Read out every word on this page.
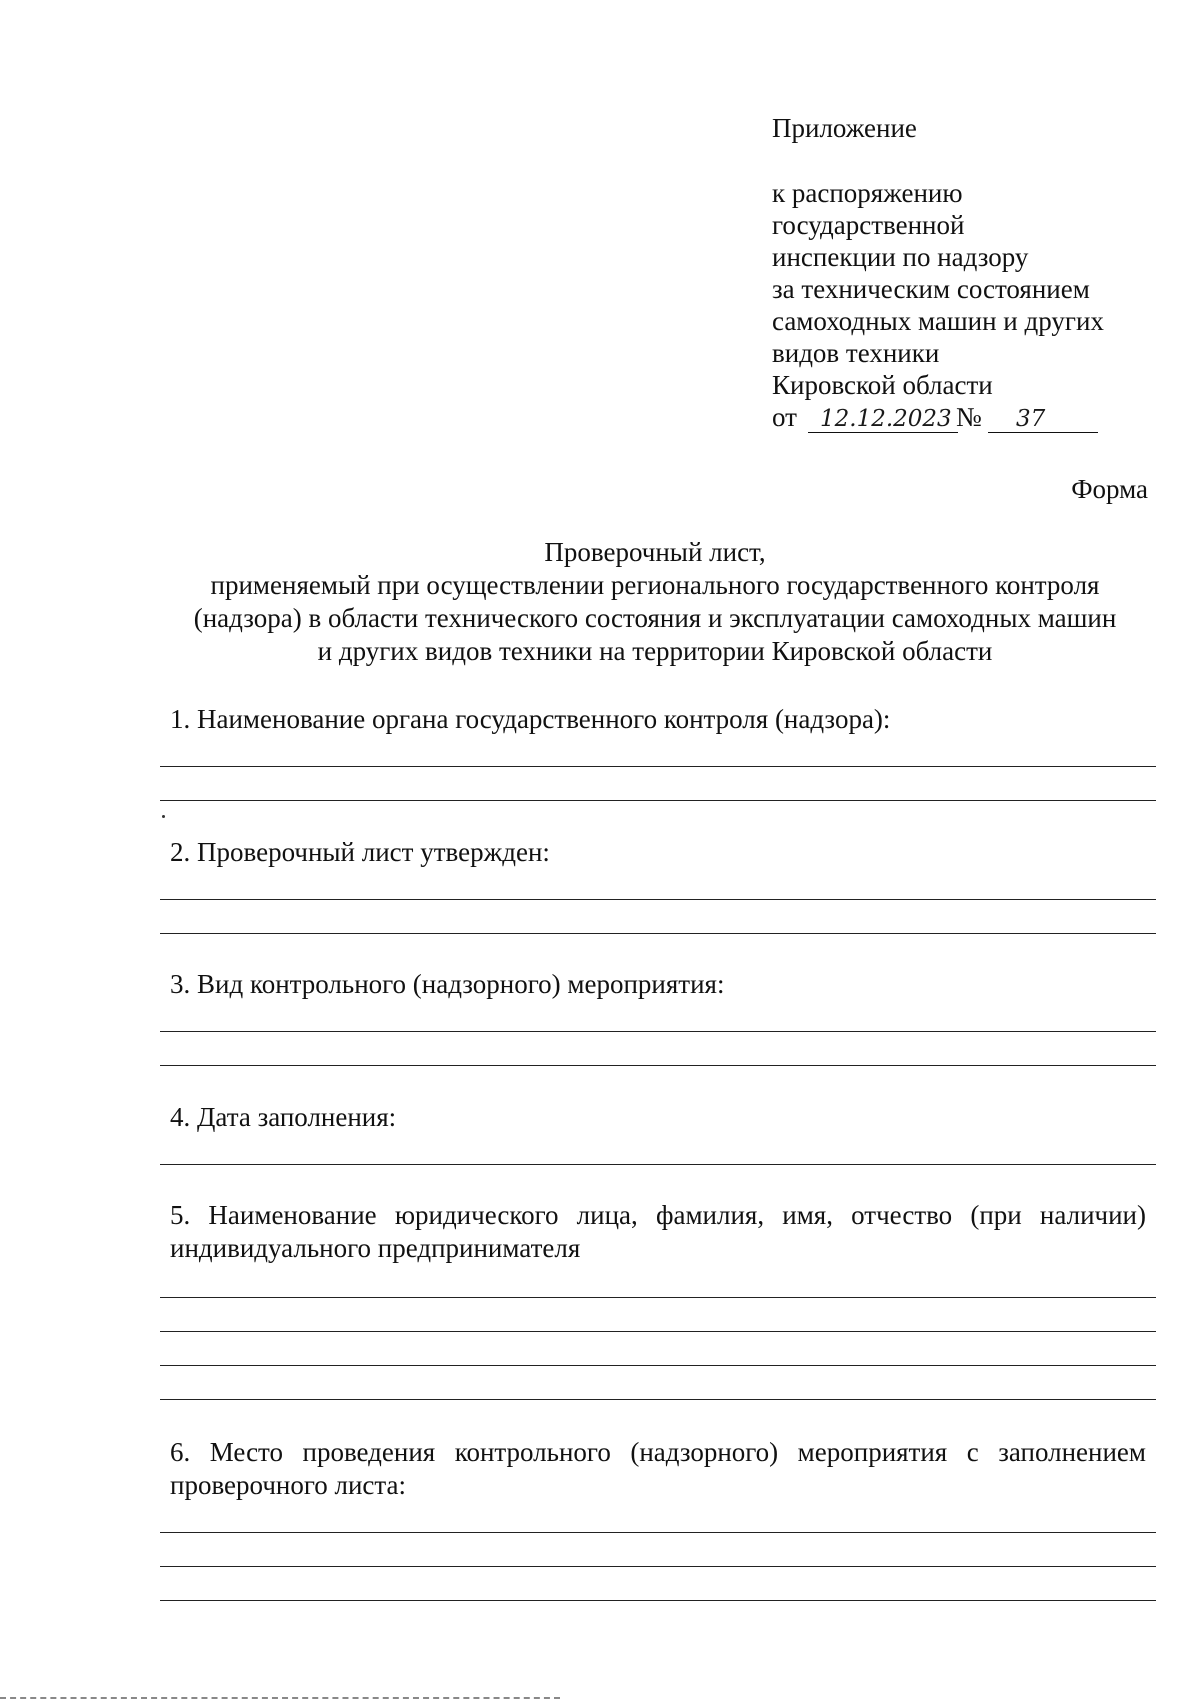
Приложение
к распоряжению
государственной
инспекции по надзору
за техническим состоянием
самоходных машин и других
видов техники
Кировской области
от 12.12.2023 № 37
Форма
Проверочный лист,
применяемый при осуществлении регионального государственного контроля
(надзора) в области технического состояния и эксплуатации самоходных машин
и других видов техники на территории Кировской области
1. Наименование органа государственного контроля (надзора):
2. Проверочный лист утвержден:
3. Вид контрольного (надзорного) мероприятия:
4. Дата заполнения:
5. Наименование юридического лица, фамилия, имя, отчество (при наличии) индивидуального предпринимателя
6. Место проведения контрольного (надзорного) мероприятия с заполнением проверочного листа:
